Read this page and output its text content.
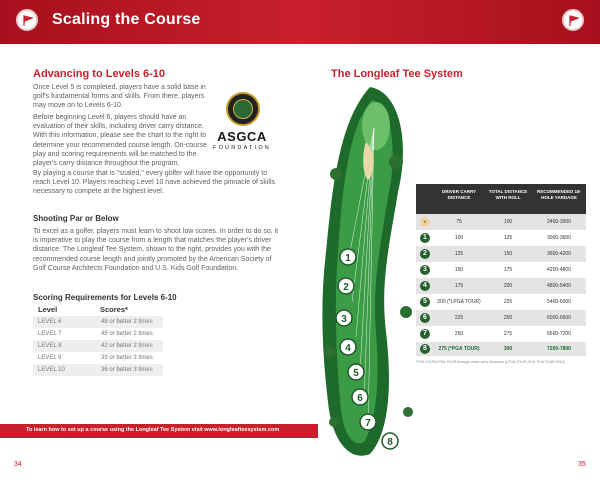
Scaling the Course
Advancing to Levels 6-10
Once Level 5 is completed, players have a solid base in golf's fundamental forms and skills. From there, players may move on to Levels 6-10.
Before beginning Level 6, players should have an evaluation of their skills, including driver carry distance. With this information, please see the chart to the right to determine your recommended course length. On-course play and scoring requirements will be matched to the player's carry distance throughout the program.
ASGCA
FOUNDATION
By playing a course that is "scaled," every golfer will have the opportunity to reach Level 10. Players reaching Level 10 have achieved the pinnacle of skills necessary to compete at the highest level.
Shooting Par or Below
To excel as a golfer, players must learn to shoot low scores. In order to do so, it is imperative to play the course from a length that matches the player's driver distance. The Longleaf Tee System, shown to the right, provides you with the recommended course length and jointly promoted by the American Society of Golf Course Architects Foundation and U.S. Kids Golf Foundation.
Scoring Requirements for Levels 6-10
Level	Scores*
LEVEL 6	48 or better 2 times
LEVEL 7	45 or better 2 times
LEVEL 8	42 or better 2 times
LEVEL 9	39 or better 3 times
LEVEL 10	36 or better 3 times
To learn how to set up a course using the Longleaf Tee System visit www.longleafteesystem.com
34
The Longleaf Tee System
1
2
3
4
5
6
7
8
DRIVER CARRY DISTANCE
TOTAL DISTANCE WITH ROLL
RECOMMENDED 18-HOLE YARDAGE
0	75	100	2400-3000
1	100	125	3000-3600
2	125	150	3600-4200
3	150	175	4200-4800
4	175	200	4800-5400
5	200 (*LPGA TOUR)	225	5400-6000
6	225	250	6000-6600
7	250	275	6600-7200
8	275 (*PGA TOUR)	300	7200-7800
*PGA TOUR/LPGA TOUR average driver carry distances (LPGA TOUR 2016, PGA TOUR 2016)
35
